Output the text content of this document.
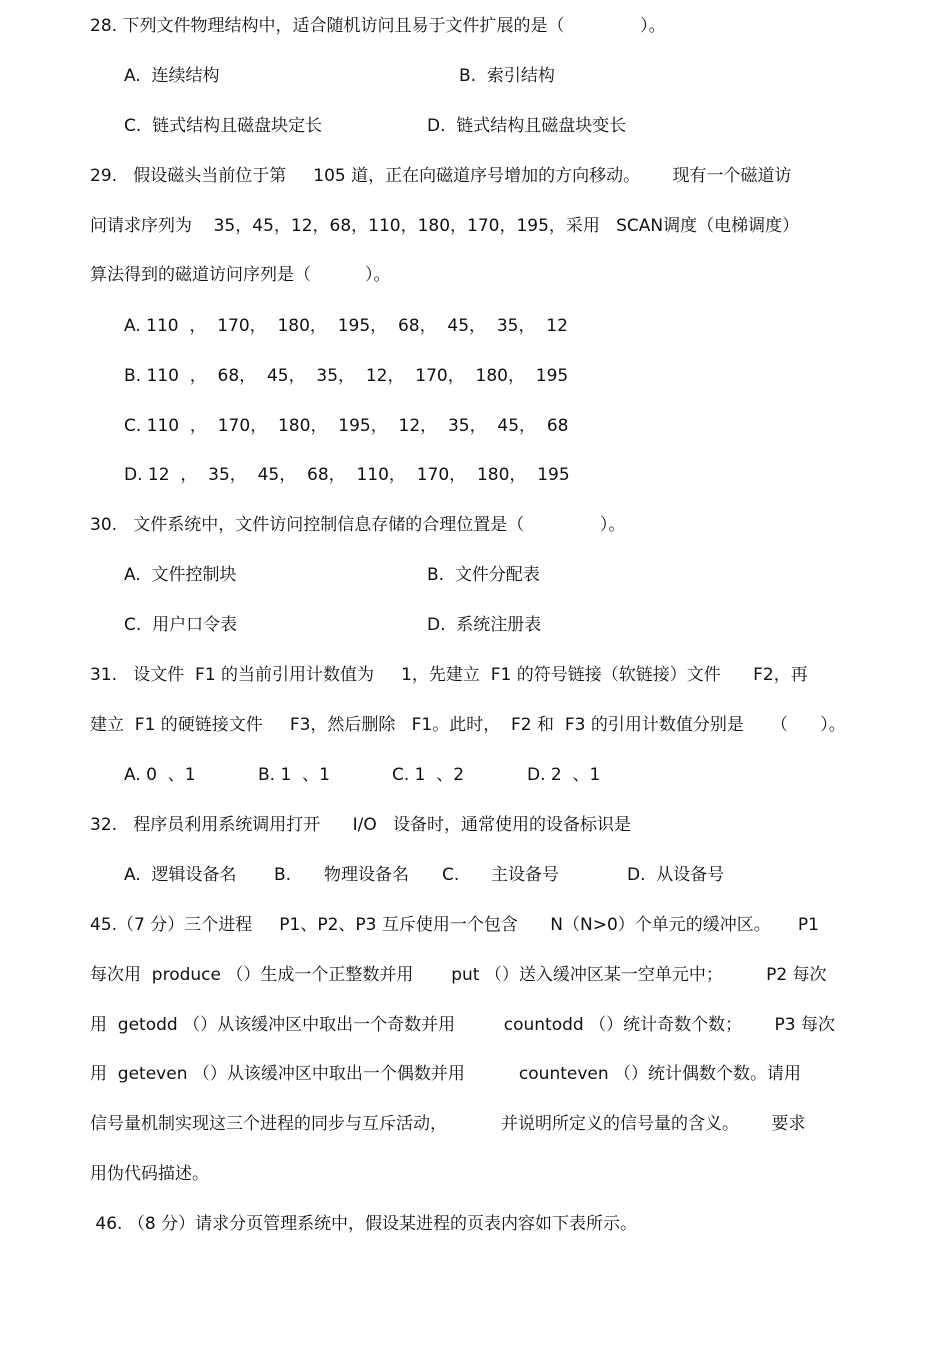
28. 下列文件物理结构中，适合随机访问且易于文件扩展的是（              ）。
A.  连续结构	B.  索引结构
C.  链式结构且磁盘块定长	D.  链式结构且磁盘块变长
29.   假设磁头当前位于第     105 道，正在向磁道序号增加的方向移动。      现有一个磁道访
问请求序列为    35，45，12，68，110，180，170，195，采用   SCAN调度（电梯调度）
算法得到的磁道访问序列是（          ）。
A. 110  ，  170，  180，  195，  68，  45，  35，  12
B. 110  ，  68，  45，  35，  12，  170，  180，  195
C. 110  ，  170，  180，  195，  12，  35，  45，  68
D. 12  ，  35，  45，  68，  110，  170，  180，  195
30.   文件系统中，文件访问控制信息存储的合理位置是（              ）。
A.  文件控制块	B.  文件分配表
C.  用户口令表	D.  系统注册表
31.   设文件  F1 的当前引用计数值为     1，先建立  F1 的符号链接（软链接）文件      F2，再
建立  F1 的硬链接文件     F3，然后删除   F1。此时，  F2 和  F3 的引用计数值分别是     （      ）。
A. 0  、1	B. 1  、1	C. 1  、2	D. 2  、1
32.   程序员利用系统调用打开      I/O   设备时，通常使用的设备标识是
A.  逻辑设备名 B. 物理设备名 C. 主设备号	D.  从设备号
45.（7 分）三个进程     P1、P2、P3 互斥使用一个包含      N（N>0）个单元的缓冲区。     P1
每次用  produce （）生成一个正整数并用       put （）送入缓冲区某一空单元中；        P2 每次
用  getodd （）从该缓冲区中取出一个奇数并用         countodd （）统计奇数个数；      P3 每次
用  geteven （）从该缓冲区中取出一个偶数并用          counteven （）统计偶数个数。请用
信号量机制实现这三个进程的同步与互斥活动，          并说明所定义的信号量的含义。      要求
用伪代码描述。
46. （8 分）请求分页管理系统中，假设某进程的页表内容如下表所示。
